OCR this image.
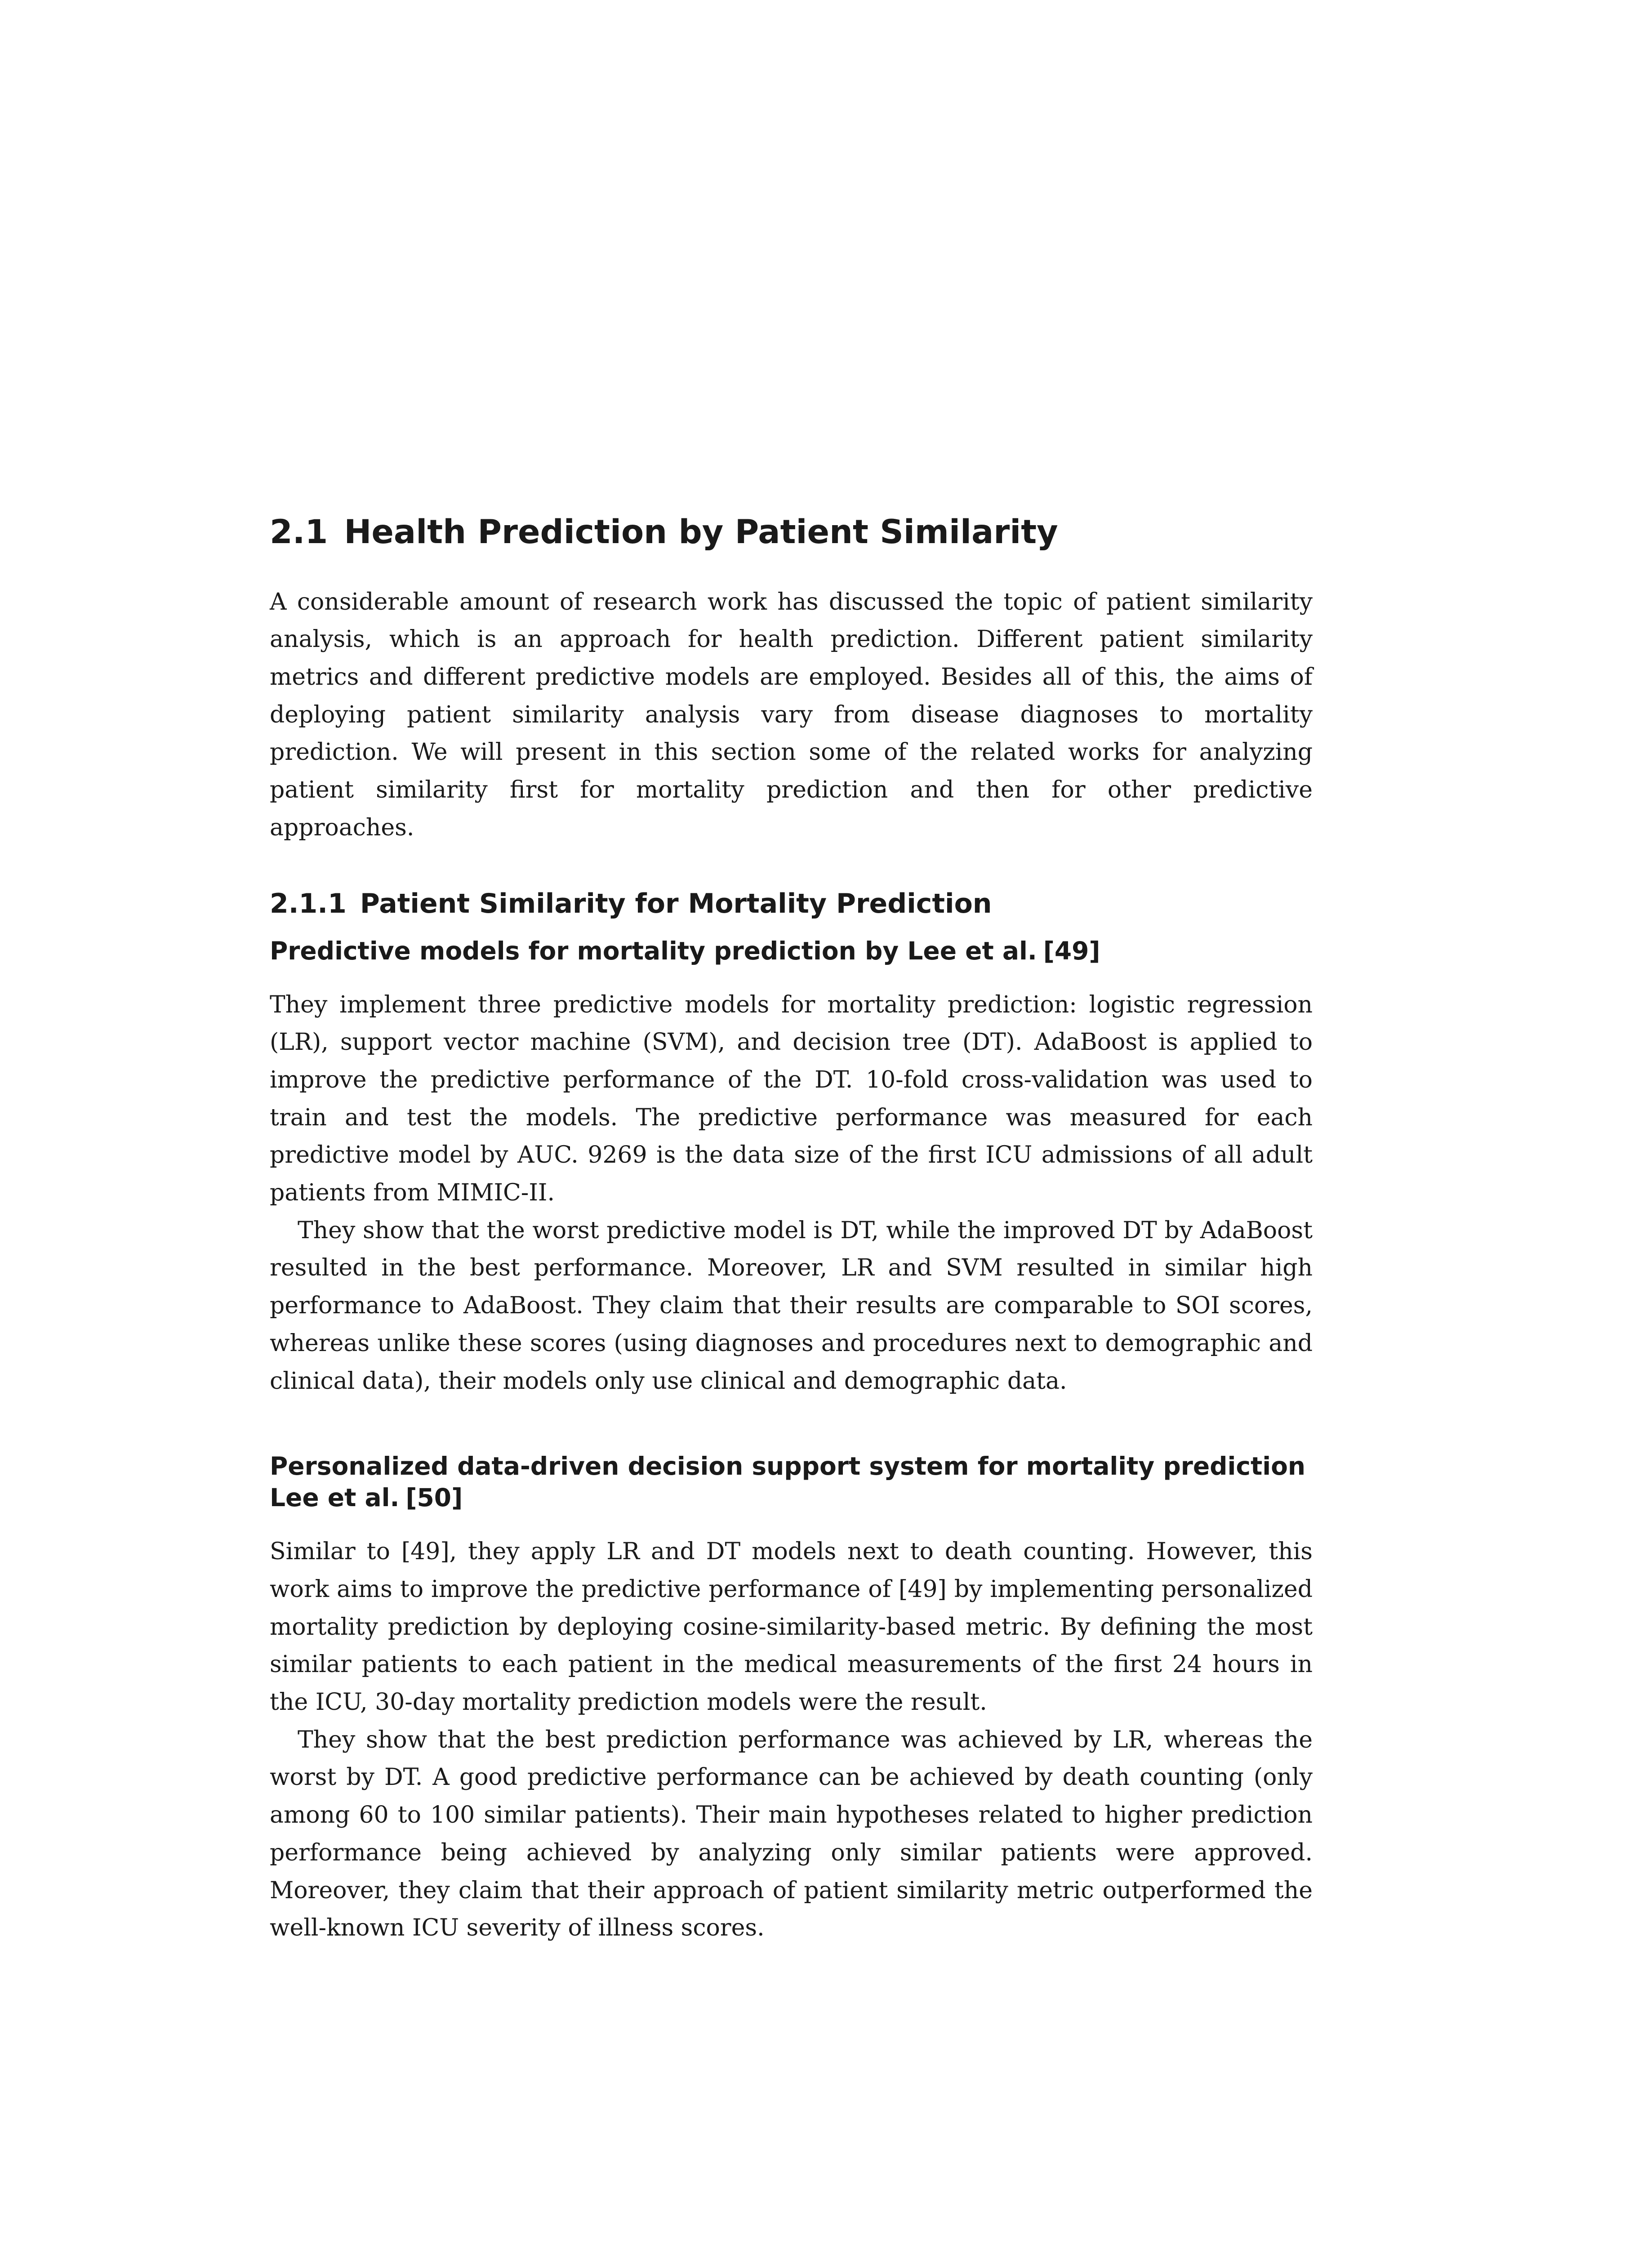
2.1 Health Prediction by Patient Similarity

A considerable amount of research work has discussed the topic of patient similarity analysis, which is an approach for health prediction. Different patient similarity metrics and different predictive models are employed. Besides all of this, the aims of deploying patient similarity analysis vary from disease diagnoses to mortality prediction. We will present in this section some of the related works for analyzing patient similarity first for mortality prediction and then for other predictive approaches.

2.1.1 Patient Similarity for Mortality Prediction
Predictive models for mortality prediction by Lee et al. [49]

They implement three predictive models for mortality prediction: logistic regression (LR), support vector machine (SVM), and decision tree (DT). AdaBoost is applied to improve the predictive performance of the DT. 10-fold cross-validation was used to train and test the models. The predictive performance was measured for each predictive model by AUC. 9269 is the data size of the first ICU admissions of all adult patients from MIMIC-II.

They show that the worst predictive model is DT, while the improved DT by AdaBoost resulted in the best performance. Moreover, LR and SVM resulted in similar high performance to AdaBoost. They claim that their results are comparable to SOI scores, whereas unlike these scores (using diagnoses and procedures next to demographic and clinical data), their models only use clinical and demographic data.

Personalized data-driven decision support system for mortality prediction Lee et al. [50]

Similar to [49], they apply LR and DT models next to death counting. However, this work aims to improve the predictive performance of [49] by implementing personalized mortality prediction by deploying cosine-similarity-based metric. By defining the most similar patients to each patient in the medical measurements of the first 24 hours in the ICU, 30-day mortality prediction models were the result.

They show that the best prediction performance was achieved by LR, whereas the worst by DT. A good predictive performance can be achieved by death counting (only among 60 to 100 similar patients). Their main hypotheses related to higher prediction performance being achieved by analyzing only similar patients were approved. Moreover, they claim that their approach of patient similarity metric outperformed the well-known ICU severity of illness scores.
